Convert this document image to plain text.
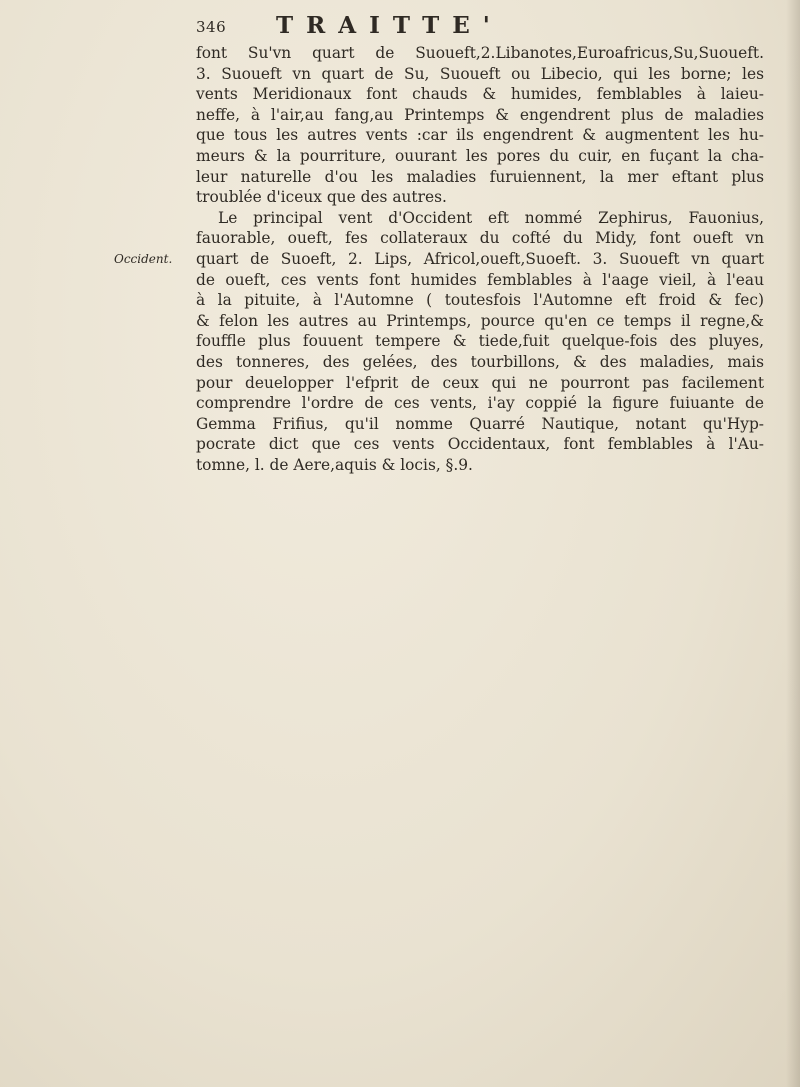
346 TRAITTE'
Occident.
font Su'vn quart de Suoueft,2.Libanotes,Euroafricus,Su,Suoueft.
3. Suoueft vn quart de Su, Suoueft ou Libecio, qui les borne; les
vents Meridionaux font chauds & humides, femblables à laieu-
neffe, à l'air,au fang,au Printemps & engendrent plus de maladies
que tous les autres vents :car ils engendrent & augmentent les hu-
meurs & la pourriture, ouurant les pores du cuir, en fuçant la cha-
leur naturelle d'ou les maladies furuiennent, la mer eftant plus
troublée d'iceux que des autres.
Le principal vent d'Occident eft nommé Zephirus, Fauonius,
fauorable, oueft, fes collateraux du cofté du Midy, font oueft vn
quart de Suoeft, 2. Lips, Africol,oueft,Suoeft. 3. Suoueft vn quart
de oueft, ces vents font humides femblables à l'aage vieil, à l'eau
à la pituite, à l'Automne ( toutesfois l'Automne eft froid & fec)
& felon les autres au Printemps, pource qu'en ce temps il regne,&
fouffle plus fouuent tempere & tiede,fuit quelque-fois des pluyes,
des tonneres, des gelées, des tourbillons, & des maladies, mais
pour deuelopper l'efprit de ceux qui ne pourront pas facilement
comprendre l'ordre de ces vents, i'ay coppié la figure fuiuante de
Gemma Frifius, qu'il nomme Quarré Nautique, notant qu'Hyp-
pocrate dict que ces vents Occidentaux, font femblables à l'Au-
tomne, l. de Aere,aquis & locis, §.9.
